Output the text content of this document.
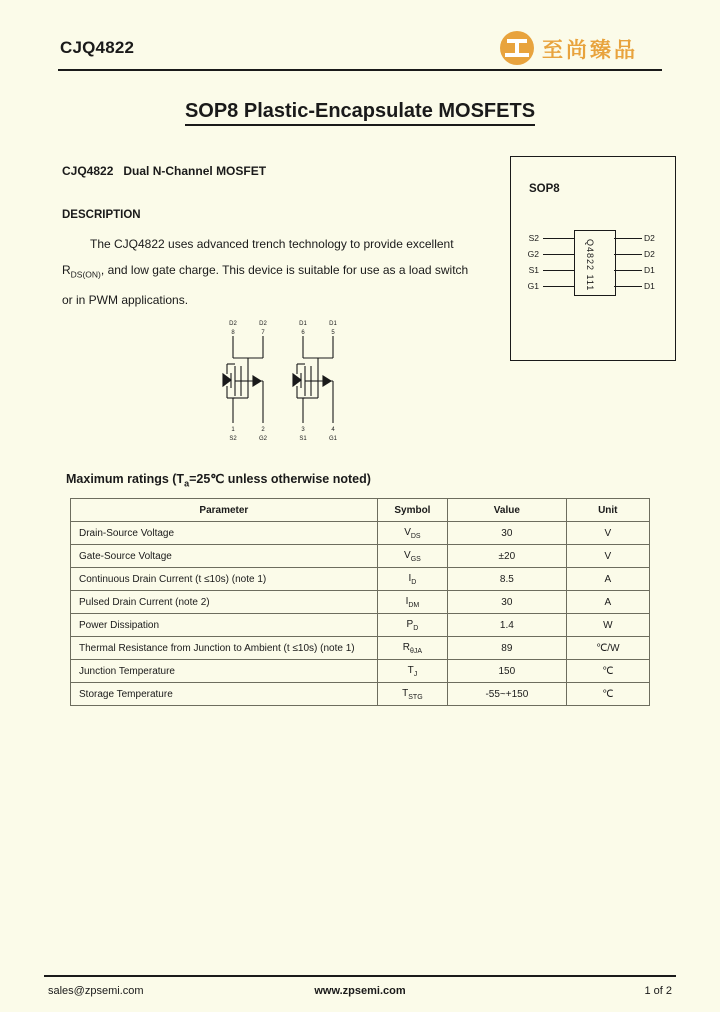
CJQ4822	至尚臻品
SOP8 Plastic-Encapsulate MOSFETS
CJQ4822 Dual N-Channel MOSFET
DESCRIPTION
The CJQ4822 uses advanced trench technology to provide excellent
$R_{DS(ON)}$, and low gate charge. This device is suitable for use as a load switch
or in PWM applications.
SOP8
Q4822 111
S2
G2
S1
G1
D2
D2
D1
D1
D2	D2	D1	D1
8	7	6	5
1	2	3	4
S2	G2	S1	G1
Maximum ratings ($T_a=25℃$ unless otherwise noted)
Parameter	Symbol	Value	Unit
Drain-Source Voltage	$V_{DS}$	30	V
Gate-Source Voltage	$V_{GS}$	±20	V
Continuous Drain Current (t ≤10s) (note 1)	$I_D$	8.5	A
Pulsed Drain Current (note 2)	$I_{DM}$	30	A
Power Dissipation	$P_D$	1.4	W
Thermal Resistance from Junction to Ambient (t ≤10s) (note 1)	$R_{\theta JA}$	89	℃/W
Junction Temperature	$T_J$	150	℃
Storage Temperature	$T_{STG}$	-55~+150	℃
sales@zpsemi.com	www.zpsemi.com	1 of 2
